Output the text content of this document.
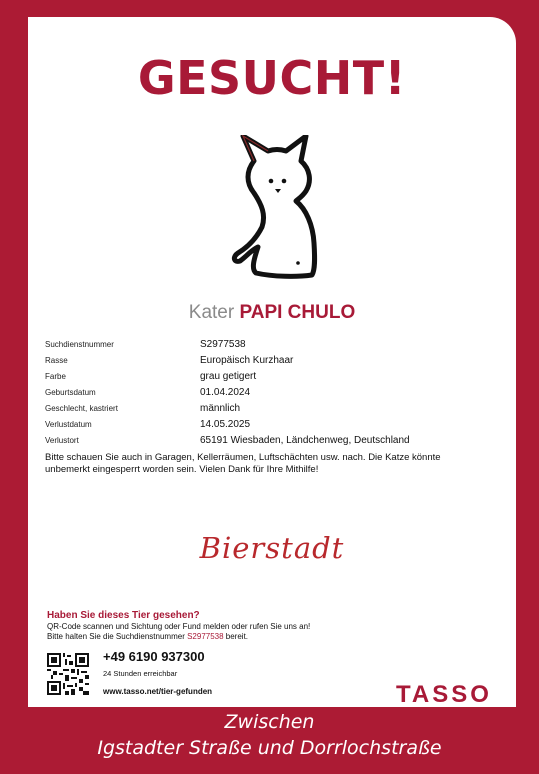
GESUCHT!
Kater PAPI CHULO
Suchdienstnummer	S2977538
Rasse	Europäisch Kurzhaar
Farbe	grau getigert
Geburtsdatum	01.04.2024
Geschlecht, kastriert	männlich
Verlustdatum	14.05.2025
Verlustort	65191 Wiesbaden, Ländchenweg, Deutschland
Bitte schauen Sie auch in Garagen, Kellerräumen, Luftschächten usw. nach. Die Katze könnte
unbemerkt eingesperrt worden sein. Vielen Dank für Ihre Mithilfe!
Bierstadt
Haben Sie dieses Tier gesehen?
QR-Code scannen und Sichtung oder Fund melden oder rufen Sie uns an!
Bitte halten Sie die Suchdienstnummer S2977538 bereit.
+49 6190 937300
24 Stunden erreichbar
www.tasso.net/tier-gefunden	TASSO
Zwischen
Igstadter Straße und Dorrlochstraße
